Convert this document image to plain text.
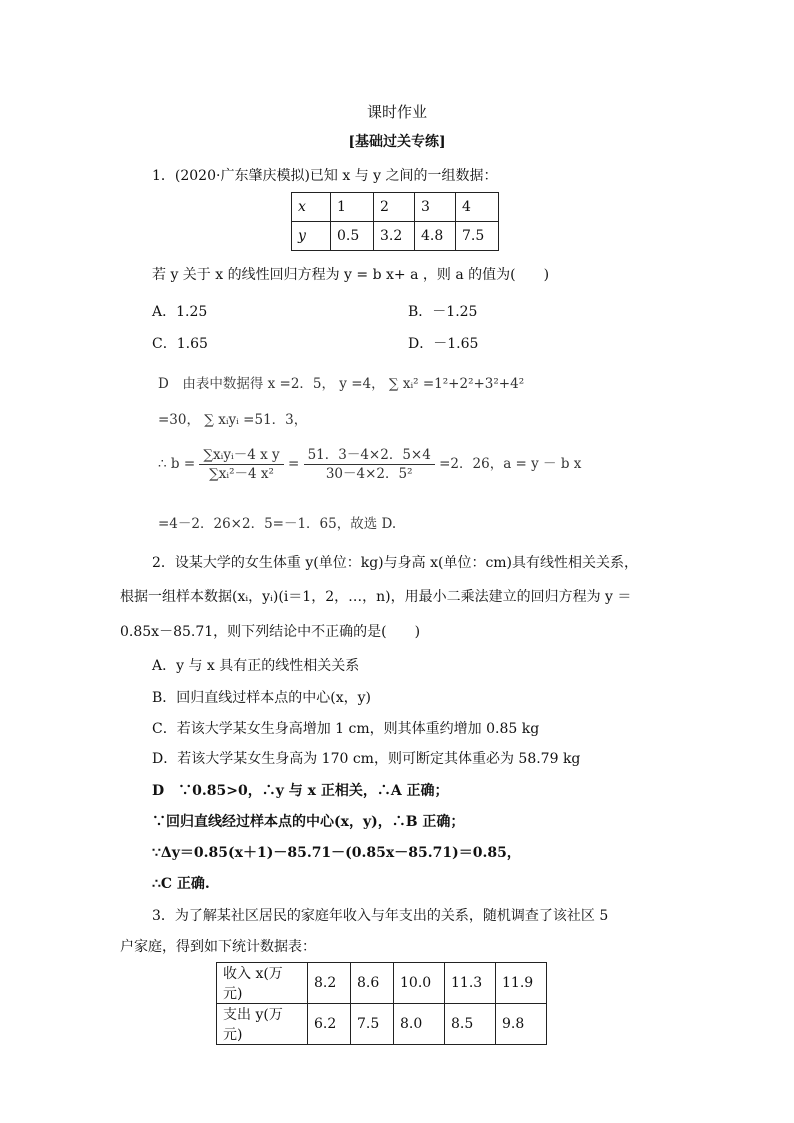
课时作业
[基础过关专练]
1．(2020·广东肇庆模拟)已知 x 与 y 之间的一组数据：
x	1	2	3	4
y	0.5	3.2	4.8	7.5
若 y 关于 x 的线性回归方程为 y = b x+ a ，则 a 的值为(　　)
A．1.25	B．－1.25
C．1.65	D．－1.65
D　由表中数据得 x =2．5， y =4， ∑ xᵢ² =1²+2²+3²+4²
=30， ∑ xᵢyᵢ =51．3，
∴ $b = \frac{\text{∑xᵢyᵢ－4 x y}}{\text{∑xᵢ²－4 x²}} = \frac{51.3-4\times 2.5\times 4}{\text{30－4×2．5²}} =2$．26，a = y － b x
=4－2．26×2．5=－1．65，故选 D.
2．设某大学的女生体重 y(单位：kg)与身高 x(单位：cm)具有线性相关关系，
根据一组样本数据(xᵢ，yᵢ)(i＝1，2，…，n)，用最小二乘法建立的回归方程为 y ＝
0.85x－85.71，则下列结论中不正确的是(　　)
A．y 与 x 具有正的线性相关关系
B．回归直线过样本点的中心(x，y)
C．若该大学某女生身高增加 1 cm，则其体重约增加 0.85 kg
D．若该大学某女生身高为 170 cm，则可断定其体重必为 58.79 kg
D　∵0.85>0，∴y 与 x 正相关，∴A 正确；
∵回归直线经过样本点的中心(x，y)，∴B 正确；
∵Δy＝0.85(x＋1)－85.71－(0.85x－85.71)＝0.85，
∴C 正确.
3．为了解某社区居民的家庭年收入与年支出的关系，随机调查了该社区 5
户家庭，得到如下统计数据表：
收入 x(万元)	8.2	8.6	10.0	11.3	11.9
支出 y(万元)	6.2	7.5	8.0	8.5	9.8
